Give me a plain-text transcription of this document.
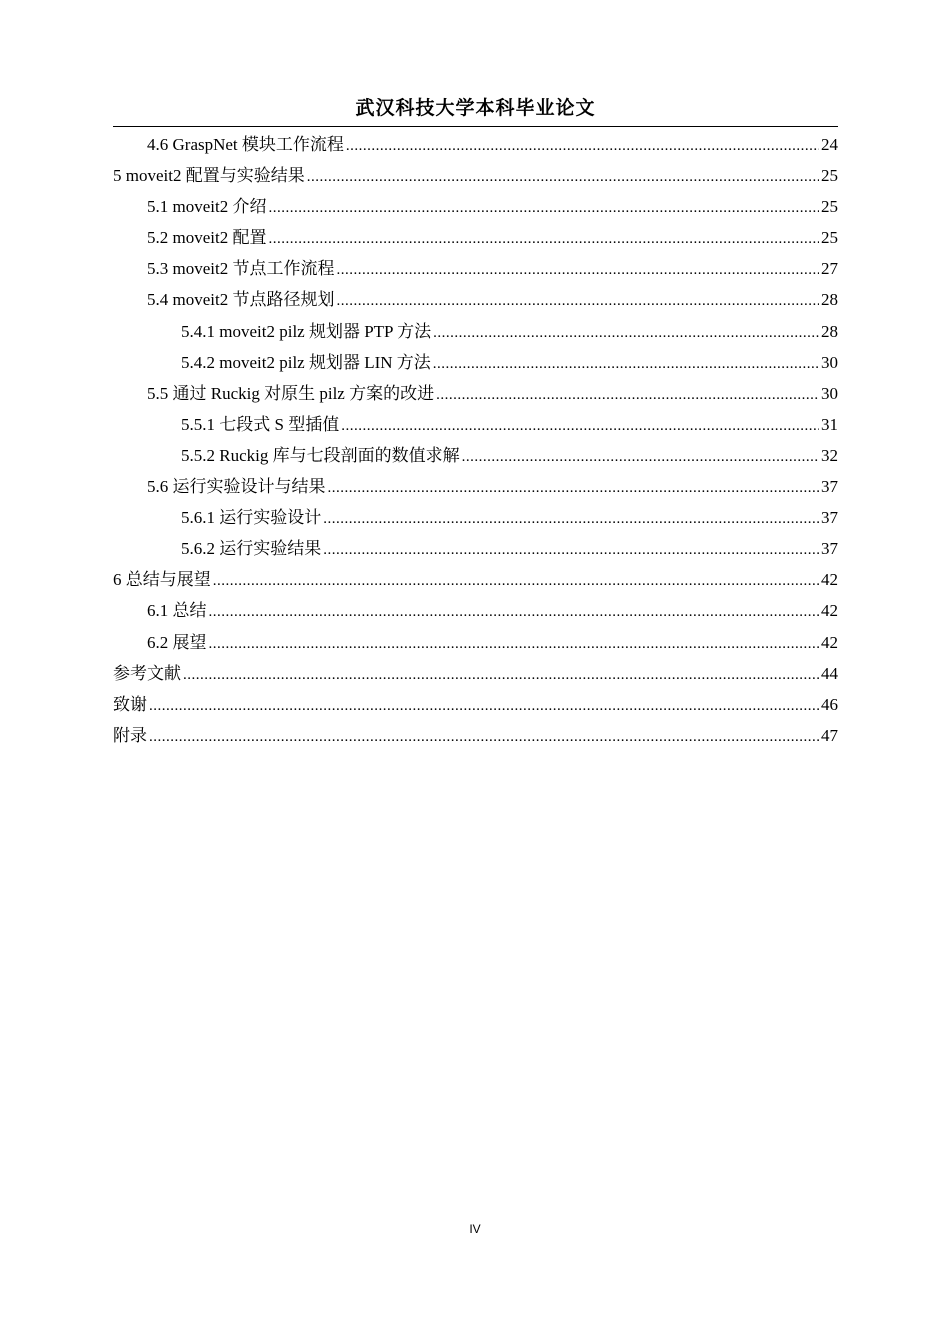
武汉科技大学本科毕业论文
4.6 GraspNet 模块工作流程 .....	24
5 moveit2 配置与实验结果 .....	25
5.1 moveit2 介绍 .....	25
5.2 moveit2 配置 .....	25
5.3 moveit2 节点工作流程 .....	27
5.4 moveit2 节点路径规划 .....	28
5.4.1 moveit2 pilz 规划器 PTP 方法 .....	28
5.4.2 moveit2 pilz 规划器 LIN 方法 .....	30
5.5 通过 Ruckig 对原生 pilz 方案的改进 .....	30
5.5.1 七段式 S 型插值 .....	31
5.5.2 Ruckig 库与七段剖面的数值求解 .....	32
5.6 运行实验设计与结果 .....	37
5.6.1 运行实验设计 .....	37
5.6.2 运行实验结果 .....	37
6 总结与展望 .....	42
6.1 总结 .....	42
6.2 展望 .....	42
参考文献 .....	44
致谢 .....	46
附录 .....	47
IV
